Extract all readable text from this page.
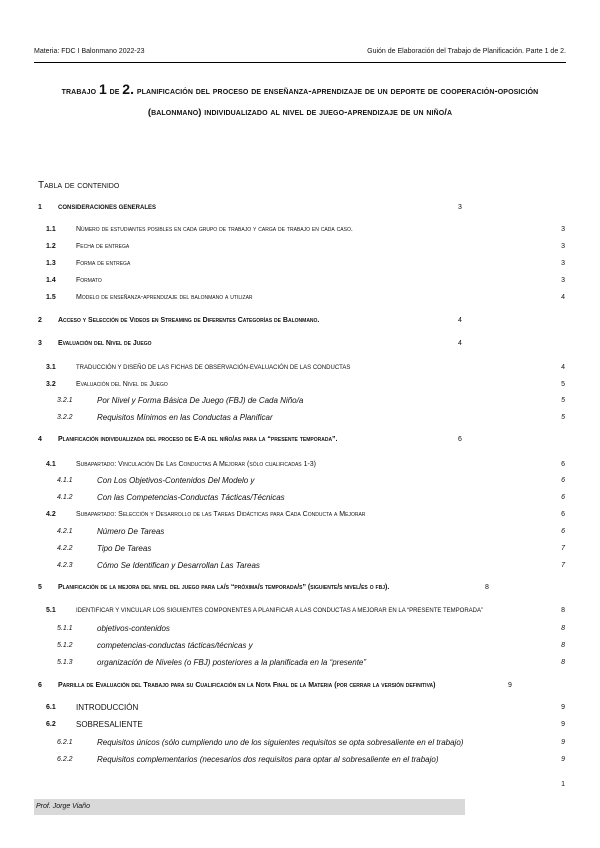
Materia: FDC I Balonmano 2022-23	Guión de Elaboración del Trabajo de Planificación. Parte 1 de 2.
trabajo 1 de 2. planificación del proceso de enseñanza-aprendizaje de un deporte de cooperación-oposición (balonmano) individualizado al nivel de juego-aprendizaje de un niño/a
Tabla de contenido
1	CONSIDERACIONES GENERALES	3
1.1	Número de estudiantes posibles en cada grupo de trabajo y carga de trabajo en cada caso.	3
1.2	Fecha de entrega	3
1.3	Forma de entrega	3
1.4	Formato	3
1.5	Modelo de enseñanza-aprendizaje del balonmano a utilizar	4
2 Acceso y Selección de Videos en Streaming de Diferentes Categorías de Balonmano.	4
3 Evaluación del Nivel de Juego	4
3.1	TRADUCCIÓN Y DISEÑO DE LAS FICHAS DE OBSERVACIÓN-EVALUACIÓN DE LAS CONDUCTAS	4
3.2	Evaluación del Nivel de Juego	5
3.2.1	Por Nivel y Forma Básica De Juego (FBJ) de Cada Niño/a	5
3.2.2	Requisitos Mínimos en las Conductas a Planificar	5
4 Planificación individualizada del proceso de E-A del niño/as para la “presente temporada”.	6
4.1	Subapartado: Vinculación De Las Conductas A Mejorar (sólo cualificadas 1-3)	6
4.1.1	Con Los Objetivos-Contenidos Del Modelo y	6
4.1.2	Con las Competencias-Conductas Tácticas/Técnicas	6
4.2	Subapartado: Selección y Desarrollo de las Tareas Didácticas para Cada Conducta a Mejorar	6
4.2.1	Número De Tareas	6
4.2.2	Tipo De Tareas	7
4.2.3	Cómo Se Identifican y Desarrollan Las Tareas	7
5 Planificación de la mejora del nivel del juego para la/s “próxima/s temporada/s” (siguiente/s nivel/es o fbj).	8
5.1	IDENTIFICAR Y VINCULAR LOS SIGUIENTES COMPONENTES A PLANIFICAR A LAS CONDUCTAS A MEJORAR EN LA “PRESENTE TEMPORADA”	8
5.1.1	objetivos-contenidos	8
5.1.2	competencias-conductas tácticas/técnicas y	8
5.1.3	organización de Niveles (o FBJ) posteriores a la planificada en la “presente”	8
6 Parrilla de Evaluación del Trabajo para su Cualificación en la Nota Final de la Materia (por cerrar la versión definitiva)	9
6.1	INTRODUCCIÓN	9
6.2	SOBRESALIENTE	9
6.2.1	Requisitos únicos (sólo cumpliendo uno de los siguientes requisitos se opta sobresaliente en el trabajo)	9
6.2.2	Requisitos complementarios (necesarios dos requisitos para optar al sobresaliente en el trabajo)	9
1
Prof. Jorge Viaño
